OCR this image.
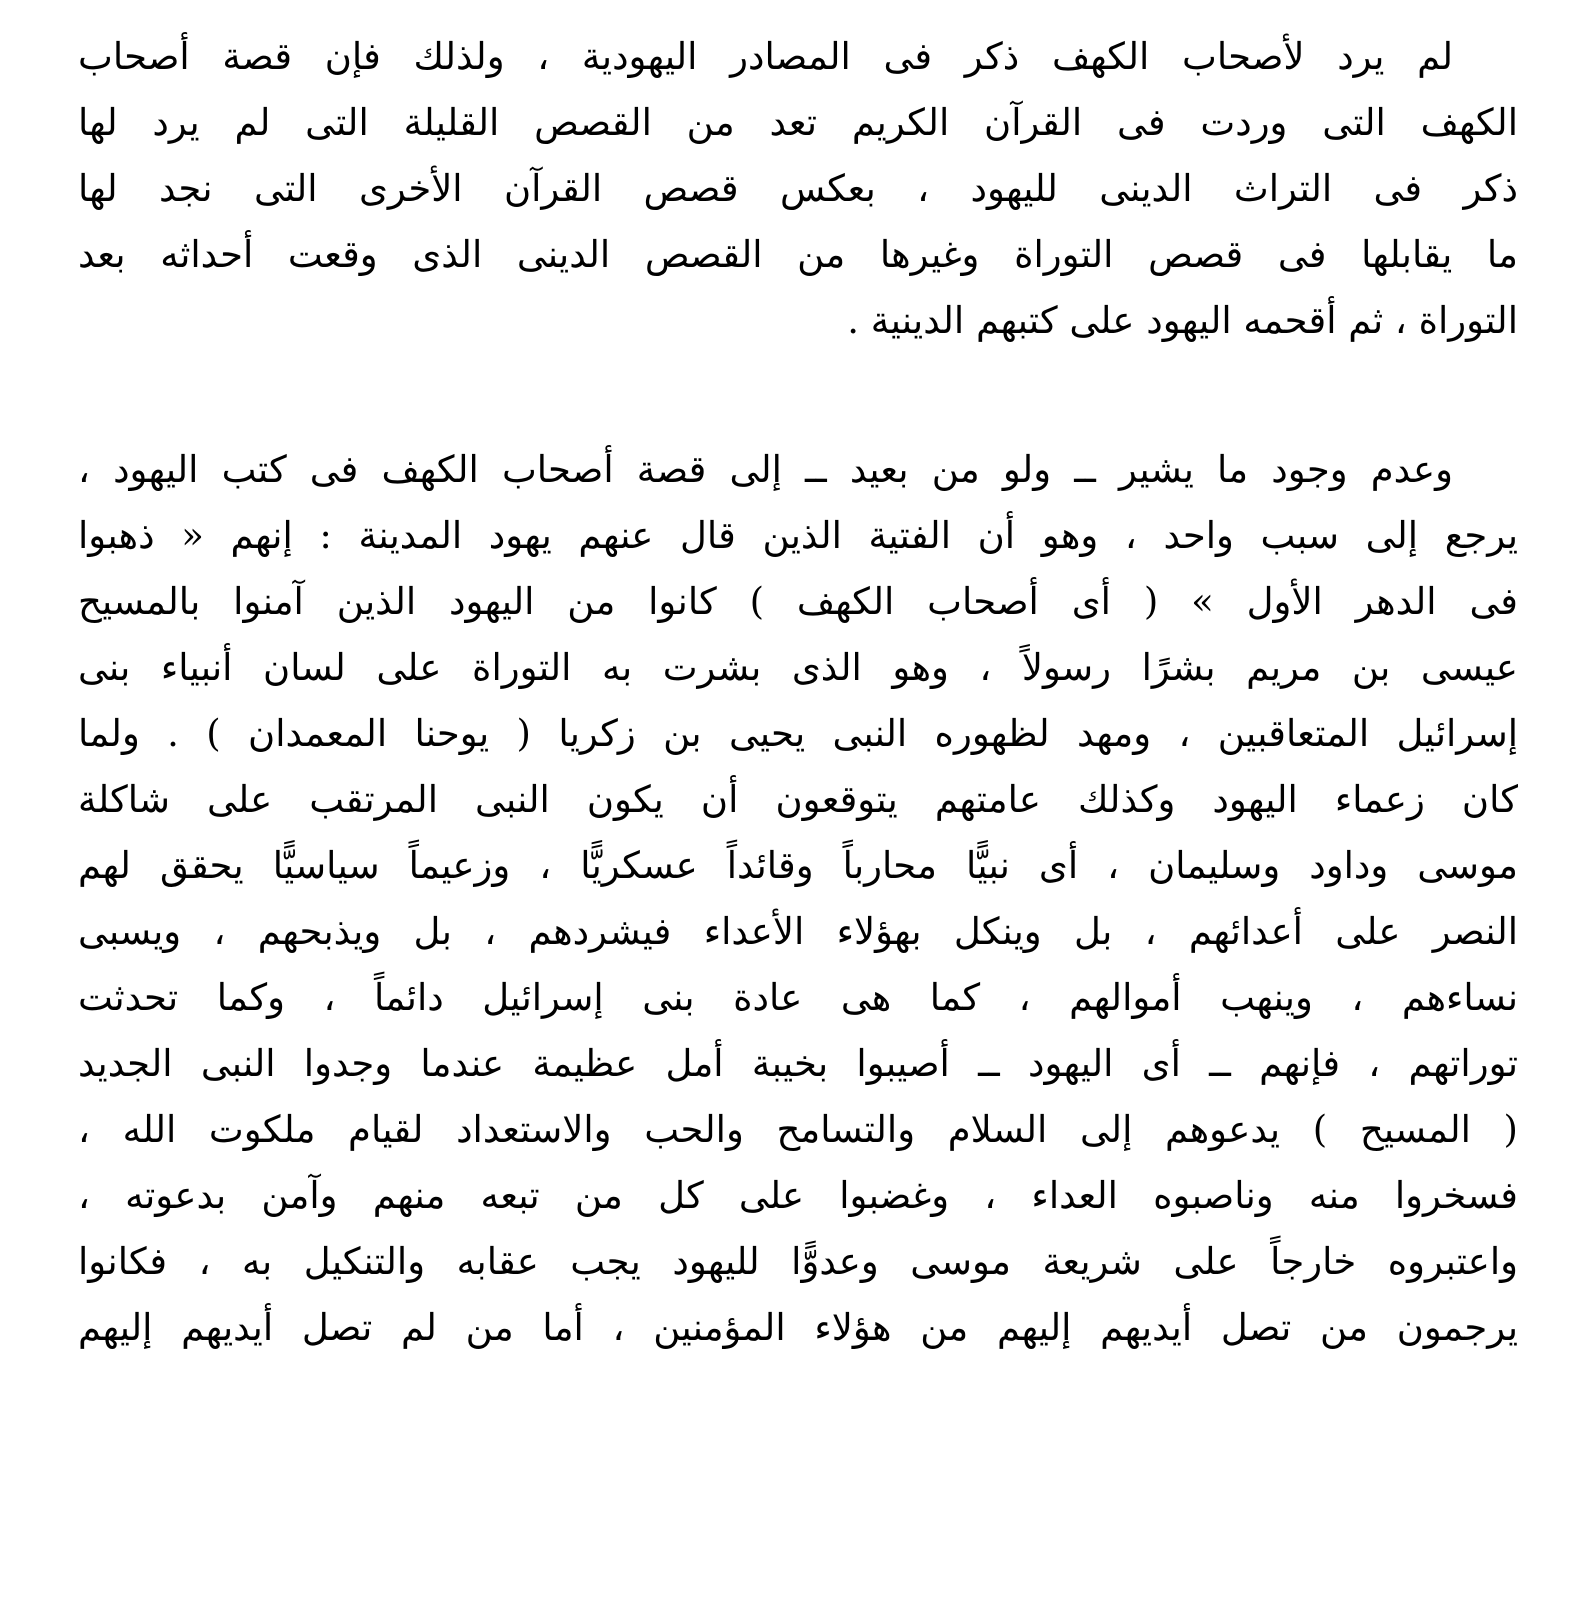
لم يرد لأصحاب الكهف ذكر فى المصادر اليهودية ، ولذلك فإن قصة أصحاب
الكهف التى وردت فى القرآن الكريم تعد من القصص القليلة التى لم يرد لها
ذكر فى التراث الدينى لليهود ، بعكس قصص القرآن الأخرى التى نجد لها
ما يقابلها فى قصص التوراة وغيرها من القصص الدينى الذى وقعت أحداثه بعد
التوراة ، ثم أقحمه اليهود على كتبهم الدينية .
وعدم وجود ما يشير ــ ولو من بعيد ــ إلى قصة أصحاب الكهف فى كتب اليهود ،
يرجع إلى سبب واحد ، وهو أن الفتية الذين قال عنهم يهود المدينة : إنهم « ذهبوا
فى الدهر الأول » ( أى أصحاب الكهف ) كانوا من اليهود الذين آمنوا بالمسيح
عيسى بن مريم بشرًا رسولاً ، وهو الذى بشرت به التوراة على لسان أنبياء بنى
إسرائيل المتعاقبين ، ومهد لظهوره النبى يحيى بن زكريا ( يوحنا المعمدان ) . ولما
كان زعماء اليهود وكذلك عامتهم يتوقعون أن يكون النبى المرتقب على شاكلة
موسى وداود وسليمان ، أى نبيًّا محارباً وقائداً عسكريًّا ، وزعيماً سياسيًّا يحقق لهم
النصر على أعدائهم ، بل وينكل بهؤلاء الأعداء فيشردهم ، بل ويذبحهم ، ويسبى
نساءهم ، وينهب أموالهم ، كما هى عادة بنى إسرائيل دائماً ، وكما تحدثت
توراتهم ، فإنهم ــ أى اليهود ــ أصيبوا بخيبة أمل عظيمة عندما وجدوا النبى الجديد
( المسيح ) يدعوهم إلى السلام والتسامح والحب والاستعداد لقيام ملكوت الله ،
فسخروا منه وناصبوه العداء ، وغضبوا على كل من تبعه منهم وآمن بدعوته ،
واعتبروه خارجاً على شريعة موسى وعدوًّا لليهود يجب عقابه والتنكيل به ، فكانوا
يرجمون من تصل أيديهم إليهم من هؤلاء المؤمنين ، أما من لم تصل أيديهم إليهم
